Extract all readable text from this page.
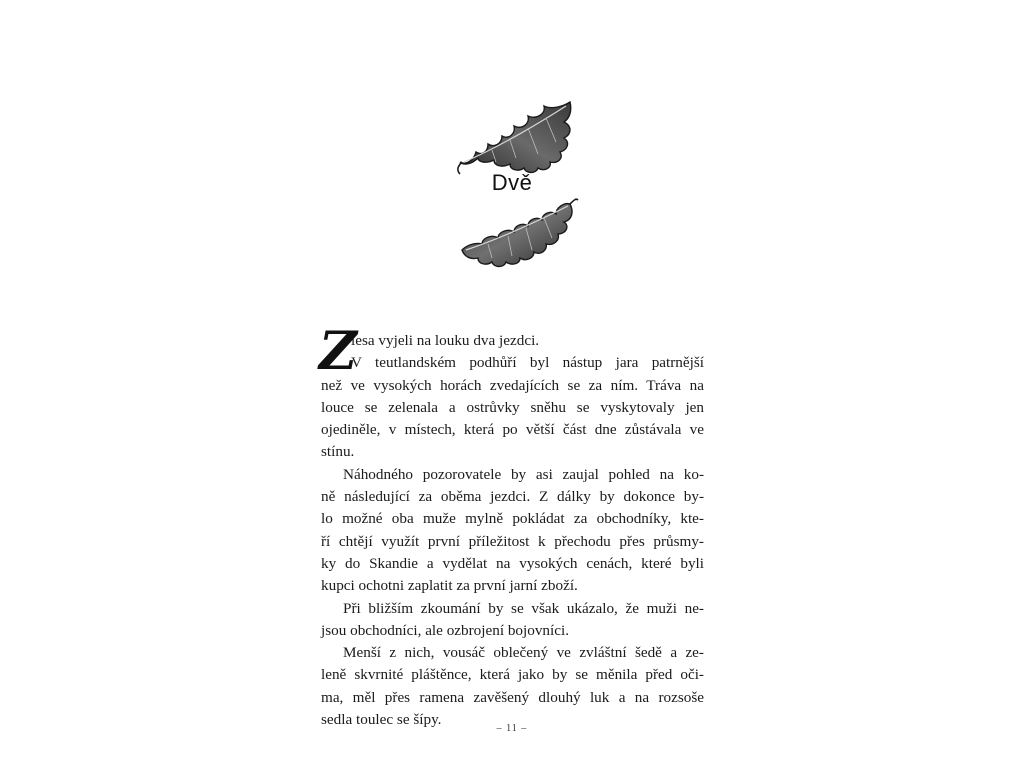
Dvě
Z
lesa vyjeli na louku dva jezdci.
V teutlandském podhůří byl nástup jara patrnější
než ve vysokých horách zvedajících se za ním. Tráva na
louce se zelenala a ostrůvky sněhu se vyskytovaly jen
ojediněle, v místech, která po větší část dne zůstávala ve
stínu.
Náhodného pozorovatele by asi zaujal pohled na ko-
ně následující za oběma jezdci. Z dálky by dokonce by-
lo možné oba muže mylně pokládat za obchodníky, kte-
ří chtějí využít první příležitost k přechodu přes průsmy-
ky do Skandie a vydělat na vysokých cenách, které byli
kupci ochotni zaplatit za první jarní zboží.
Při bližším zkoumání by se však ukázalo, že muži ne-
jsou obchodníci, ale ozbrojení bojovníci.
Menší z nich, vousáč oblečený ve zvláštní šedě a ze-
leně skvrnité pláštěnce, která jako by se měnila před oči-
ma, měl přes ramena zavěšený dlouhý luk a na rozsoše
sedla toulec se šípy.
– 11 –
